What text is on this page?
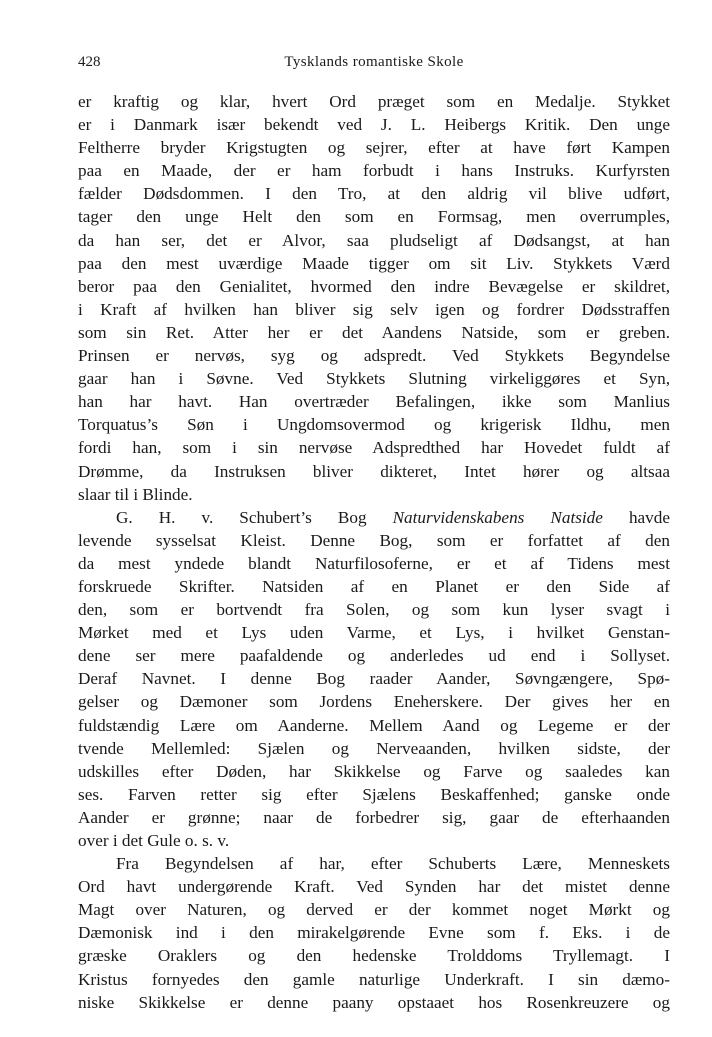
428	Tysklands romantiske Skole
er kraftig og klar, hvert Ord præget som en Medalje. Stykket
er i Danmark især bekendt ved J. L. Heibergs Kritik. Den unge
Feltherre bryder Krigstugten og sejrer, efter at have ført Kampen
paa en Maade, der er ham forbudt i hans Instruks. Kurfyrsten
fælder Dødsdommen. I den Tro, at den aldrig vil blive udført,
tager den unge Helt den som en Formsag, men overrumples,
da han ser, det er Alvor, saa pludseligt af Dødsangst, at han
paa den mest uværdige Maade tigger om sit Liv. Stykkets Værd
beror paa den Genialitet, hvormed den indre Bevægelse er skildret,
i Kraft af hvilken han bliver sig selv igen og fordrer Dødsstraffen
som sin Ret. Atter her er det Aandens Natside, som er greben.
Prinsen er nervøs, syg og adspredt. Ved Stykkets Begyndelse
gaar han i Søvne. Ved Stykkets Slutning virkeliggøres et Syn,
han har havt. Han overtræder Befalingen, ikke som Manlius
Torquatus’s Søn i Ungdomsovermod og krigerisk Ildhu, men
fordi han, som i sin nervøse Adspredthed har Hovedet fuldt af
Drømme, da Instruksen bliver dikteret, Intet hører og altsaa
slaar til i Blinde.
G. H. v. Schubert’s Bog Naturvidenskabens Natside havde
levende sysselsat Kleist. Denne Bog, som er forfattet af den
da mest yndede blandt Naturfilosoferne, er et af Tidens mest
forskruede Skrifter. Natsiden af en Planet er den Side af
den, som er bortvendt fra Solen, og som kun lyser svagt i
Mørket med et Lys uden Varme, et Lys, i hvilket Genstan-
dene ser mere paafaldende og anderledes ud end i Sollyset.
Deraf Navnet. I denne Bog raader Aander, Søvngængere, Spø-
gelser og Dæmoner som Jordens Eneherskere. Der gives her en
fuldstændig Lære om Aanderne. Mellem Aand og Legeme er der
tvende Mellemled: Sjælen og Nerveaanden, hvilken sidste, der
udskilles efter Døden, har Skikkelse og Farve og saaledes kan
ses. Farven retter sig efter Sjælens Beskaffenhed; ganske onde
Aander er grønne; naar de forbedrer sig, gaar de efterhaanden
over i det Gule o. s. v.
Fra Begyndelsen af har, efter Schuberts Lære, Menneskets
Ord havt undergørende Kraft. Ved Synden har det mistet denne
Magt over Naturen, og derved er der kommet noget Mørkt og
Dæmonisk ind i den mirakelgørende Evne som f. Eks. i de
græske Oraklers og den hedenske Trolddoms Tryllemagt. I
Kristus fornyedes den gamle naturlige Underkraft. I sin dæmo-
niske Skikkelse er denne paany opstaaet hos Rosenkreuzere og
